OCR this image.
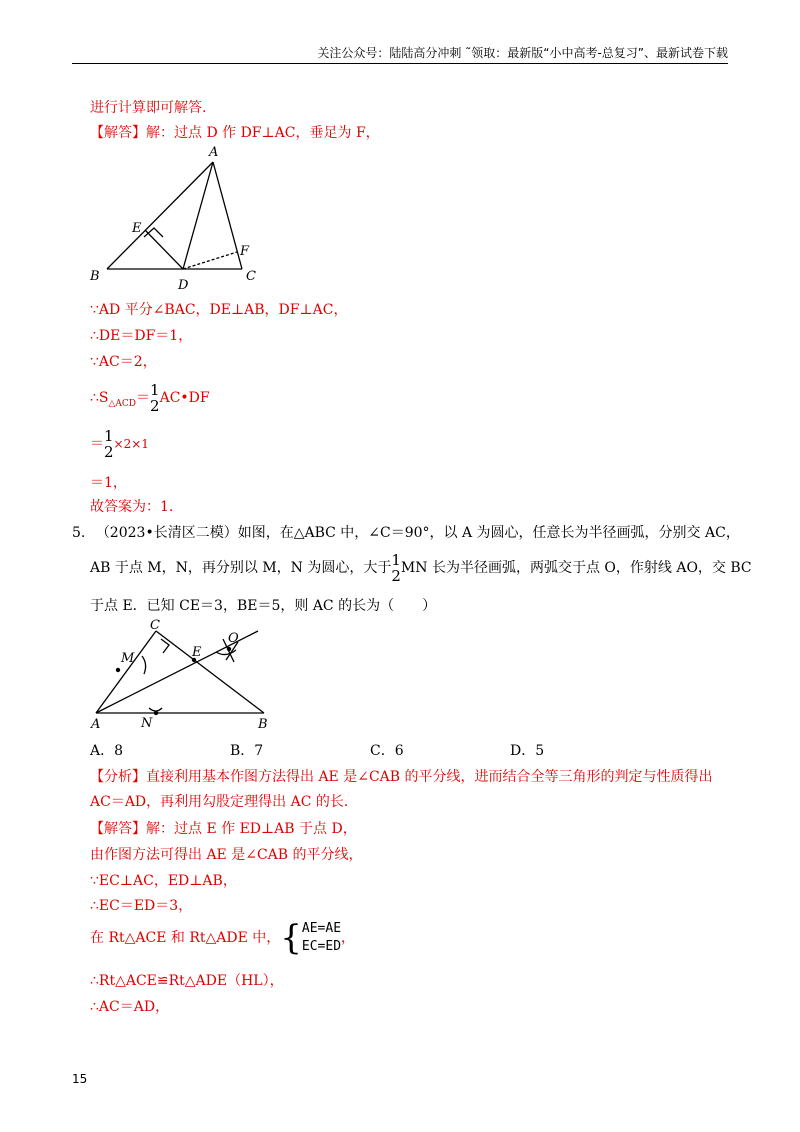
关注公众号：陆陆高分冲刺 ˜领取：最新版“小中高考-总复习”、最新试卷下载
进行计算即可解答.
【解答】解：过点 D 作 DF⊥AC，垂足为 F，
A
B	C
D
E
F
∵AD 平分∠BAC，DE⊥AB，DF⊥AC，
∴DE＝DF＝1，
∵AC＝2，
$\therefore S_{\triangle ACD}= 1$
2 AC•DF
＝ 1
2 ×2×1
＝1，
故答案为：1.
5. （2023•长清区二模）如图，在△ABC 中，∠C＝90°，以 A 为圆心，任意长为半径画弧，分别交 AC，
AB 于点 M，N，再分别以 M，N 为圆心，大于 1
2 MN 长为半径画弧，两弧交于点 O，作射线 AO，交 BC
于点 E．已知 CE＝3，BE＝5，则 AC 的长为（　　）
C
M	E
O
A	N	B
A．8	B．7	C．6	D．5
【分析】直接利用基本作图方法得出 AE 是∠CAB 的平分线，进而结合全等三角形的判定与性质得出
AC＝AD，再利用勾股定理得出 AC 的长．
【解答】解：过点 E 作 ED⊥AB 于点 D，
由作图方法可得出 AE 是∠CAB 的平分线，
∵EC⊥AC，ED⊥AB，
∴EC＝ED＝3，
在 Rt△ACE 和 Rt△ADE 中，{ AE=AE
EC=ED
，
∴Rt△ACE≌Rt△ADE（HL），
∴AC＝AD，
15
